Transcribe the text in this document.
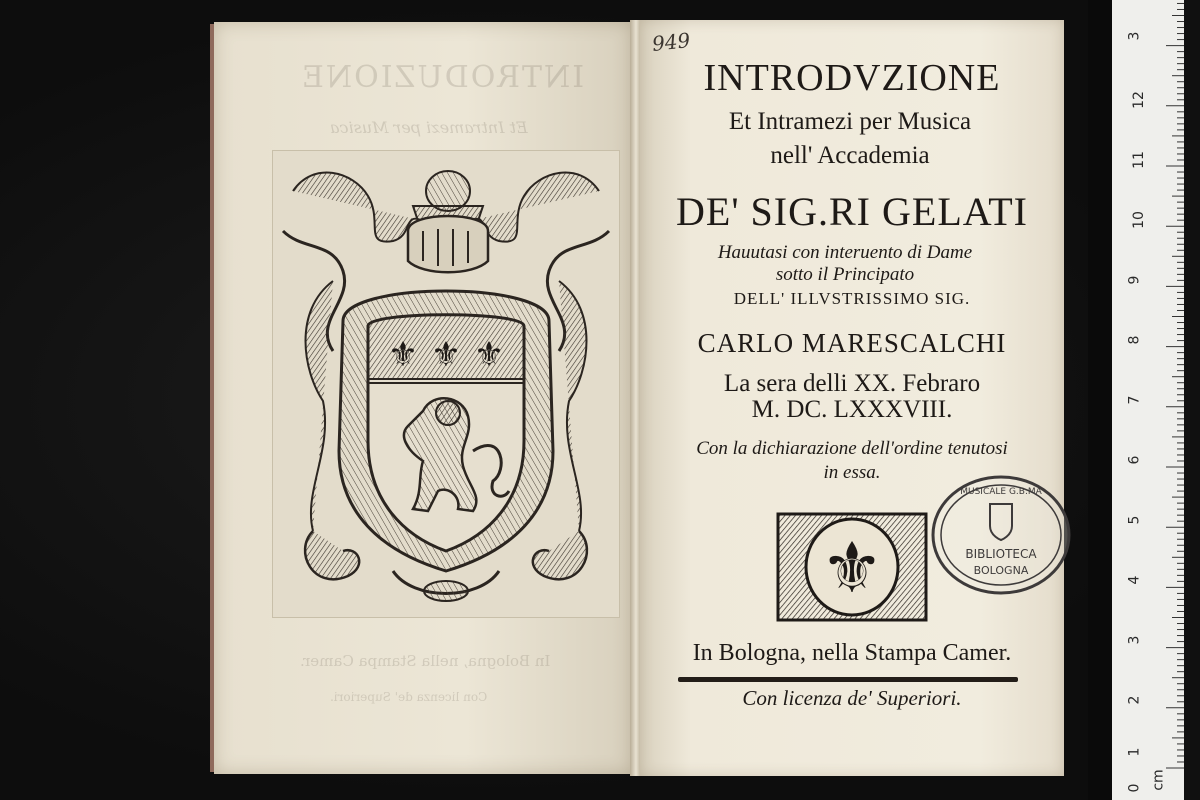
INTRODUZIONE
Et Intramezi per Musica
In Bologna, nella Stampa Camer.
Con licenza de' Superiori.
⚜ ⚜ ⚜
949
INTRODVZIONE
Et Intramezi per Musica
nell' Accademia
DE' SIG.RI GELATI
Hauutasi con interuento di Dame
sotto il Principato
DELL' ILLVSTRISSIMO SIG.
CARLO MARESCALCHI
La sera delli XX. Febraro
M. DC. LXXXVIII.
Con la dichiarazione dell'ordine tenutosi
in essa.
⚜
MUSICALE G.B.MA
BIBLIOTECA
BOLOGNA
In Bologna, nella Stampa Camer.
Con licenza de' Superiori.
3
12
11
10
9
8
7
6
5
4
3
2
1
0 cm
